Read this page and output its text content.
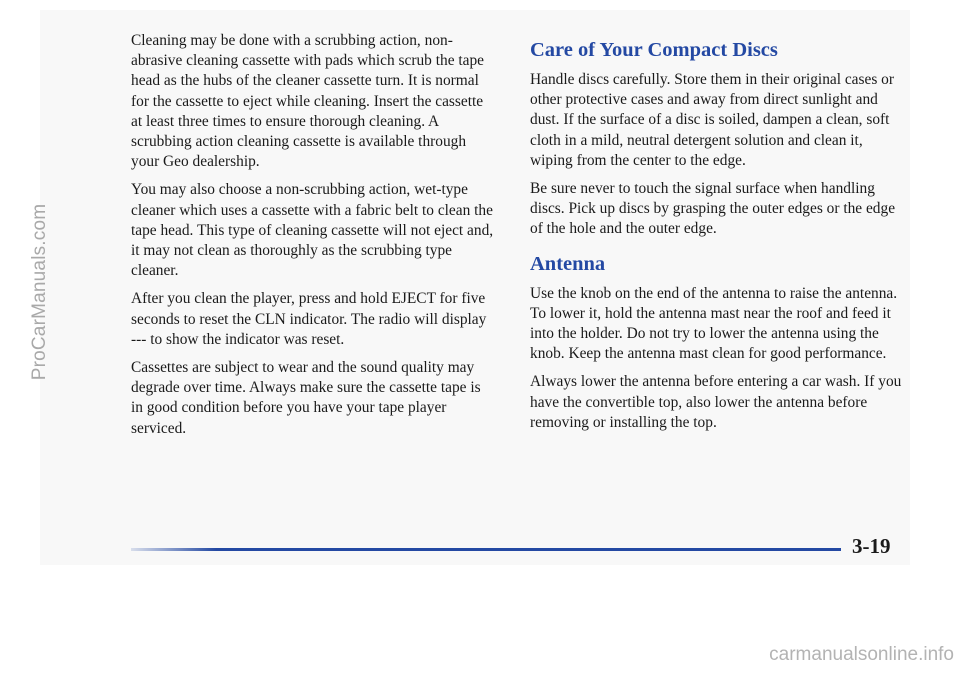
ProCarManuals.com

Cleaning may be done with a scrubbing action, non-abrasive cleaning cassette with pads which scrub the tape head as the hubs of the cleaner cassette turn. It is normal for the cassette to eject while cleaning. Insert the cassette at least three times to ensure thorough cleaning. A scrubbing action cleaning cassette is available through your Geo dealership.

You may also choose a non-scrubbing action, wet-type cleaner which uses a cassette with a fabric belt to clean the tape head. This type of cleaning cassette will not eject and, it may not clean as thoroughly as the scrubbing type cleaner.

After you clean the player, press and hold EJECT for five seconds to reset the CLN indicator. The radio will display --- to show the indicator was reset.

Cassettes are subject to wear and the sound quality may degrade over time. Always make sure the cassette tape is in good condition before you have your tape player serviced.

Care of Your Compact Discs

Handle discs carefully. Store them in their original cases or other protective cases and away from direct sunlight and dust. If the surface of a disc is soiled, dampen a clean, soft cloth in a mild, neutral detergent solution and clean it, wiping from the center to the edge.

Be sure never to touch the signal surface when handling discs. Pick up discs by grasping the outer edges or the edge of the hole and the outer edge.

Antenna

Use the knob on the end of the antenna to raise the antenna. To lower it, hold the antenna mast near the roof and feed it into the holder. Do not try to lower the antenna using the knob. Keep the antenna mast clean for good performance.

Always lower the antenna before entering a car wash. If you have the convertible top, also lower the antenna before removing or installing the top.

3-19
carmanualsonline.info
